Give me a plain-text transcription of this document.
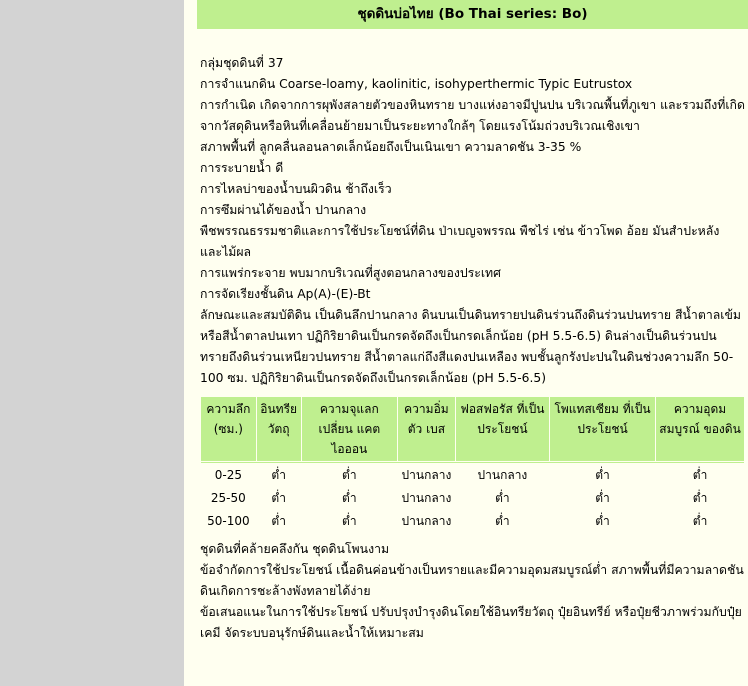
ชุดดินบ่อไทย (Bo Thai series: Bo)

กลุ่มชุดดินที่ 37

การจำแนกดิน Coarse-loamy, kaolinitic, isohyperthermic Typic Eutrustox

การกำเนิด เกิดจากการผุพังสลายตัวของหินทราย บางแห่งอาจมีปูนปน บริเวณพื้นที่ภูเขา และรวมถึงที่เกิดจากวัสดุดินหรือหินที่เคลื่อนย้ายมาเป็นระยะทางใกล้ๆ โดยแรงโน้มถ่วงบริเวณเชิงเขา

สภาพพื้นที่ ลูกคลื่นลอนลาดเล็กน้อยถึงเป็นเนินเขา ความลาดชัน 3-35 %

การระบายน้ำ ดี

การไหลบ่าของน้ำบนผิวดิน ช้าถึงเร็ว

การซึมผ่านได้ของน้ำ ปานกลาง

พืชพรรณธรรมชาติและการใช้ประโยชน์ที่ดิน ป่าเบญจพรรณ พืชไร่ เช่น ข้าวโพด อ้อย มันสำปะหลัง และไม้ผล

การแพร่กระจาย พบมากบริเวณที่สูงตอนกลางของประเทศ

การจัดเรียงชั้นดิน Ap(A)-(E)-Bt

ลักษณะและสมบัติดิน เป็นดินลึกปานกลาง ดินบนเป็นดินทรายปนดินร่วนถึงดินร่วนปนทราย สีน้ำตาลเข้มหรือสีน้ำตาลปนเทา ปฏิกิริยาดินเป็นกรดจัดถึงเป็นกรดเล็กน้อย (pH 5.5-6.5) ดินล่างเป็นดินร่วนปนทรายถึงดินร่วนเหนียวปนทราย สีน้ำตาลแก่ถึงสีแดงปนเหลือง พบชั้นลูกรังปะปนในดินช่วงความลึก 50-100 ซม. ปฏิกิริยาดินเป็นกรดจัดถึงเป็นกรดเล็กน้อย (pH 5.5-6.5)

ความลึก (ซม.)	อินทรีย วัตถุ	ความจุแลก เปลี่ยน แคตไอออน	ความอิ่มตัว เบส	ฟอสฟอรัส ที่เป็นประโยชน์	โพแทสเซียม ที่เป็นประโยชน์	ความอุดม สมบูรณ์ ของดิน

0-25	ต่ำ	ต่ำ	ปานกลาง	ปานกลาง	ต่ำ	ต่ำ
25-50	ต่ำ	ต่ำ	ปานกลาง	ต่ำ	ต่ำ	ต่ำ
50-100	ต่ำ	ต่ำ	ปานกลาง	ต่ำ	ต่ำ	ต่ำ

ชุดดินที่คล้ายคลึงกัน ชุดดินโพนงาม

ข้อจำกัดการใช้ประโยชน์ เนื้อดินค่อนข้างเป็นทรายและมีความอุดมสมบูรณ์ต่ำ สภาพพื้นที่มีความลาดชันดินเกิดการชะล้างพังทลายได้ง่าย

ข้อเสนอแนะในการใช้ประโยชน์ ปรับปรุงบำรุงดินโดยใช้อินทรียวัตถุ ปุ๋ยอินทรีย์ หรือปุ๋ยชีวภาพร่วมกับปุ๋ยเคมี จัดระบบอนุรักษ์ดินและน้ำให้เหมาะสม
